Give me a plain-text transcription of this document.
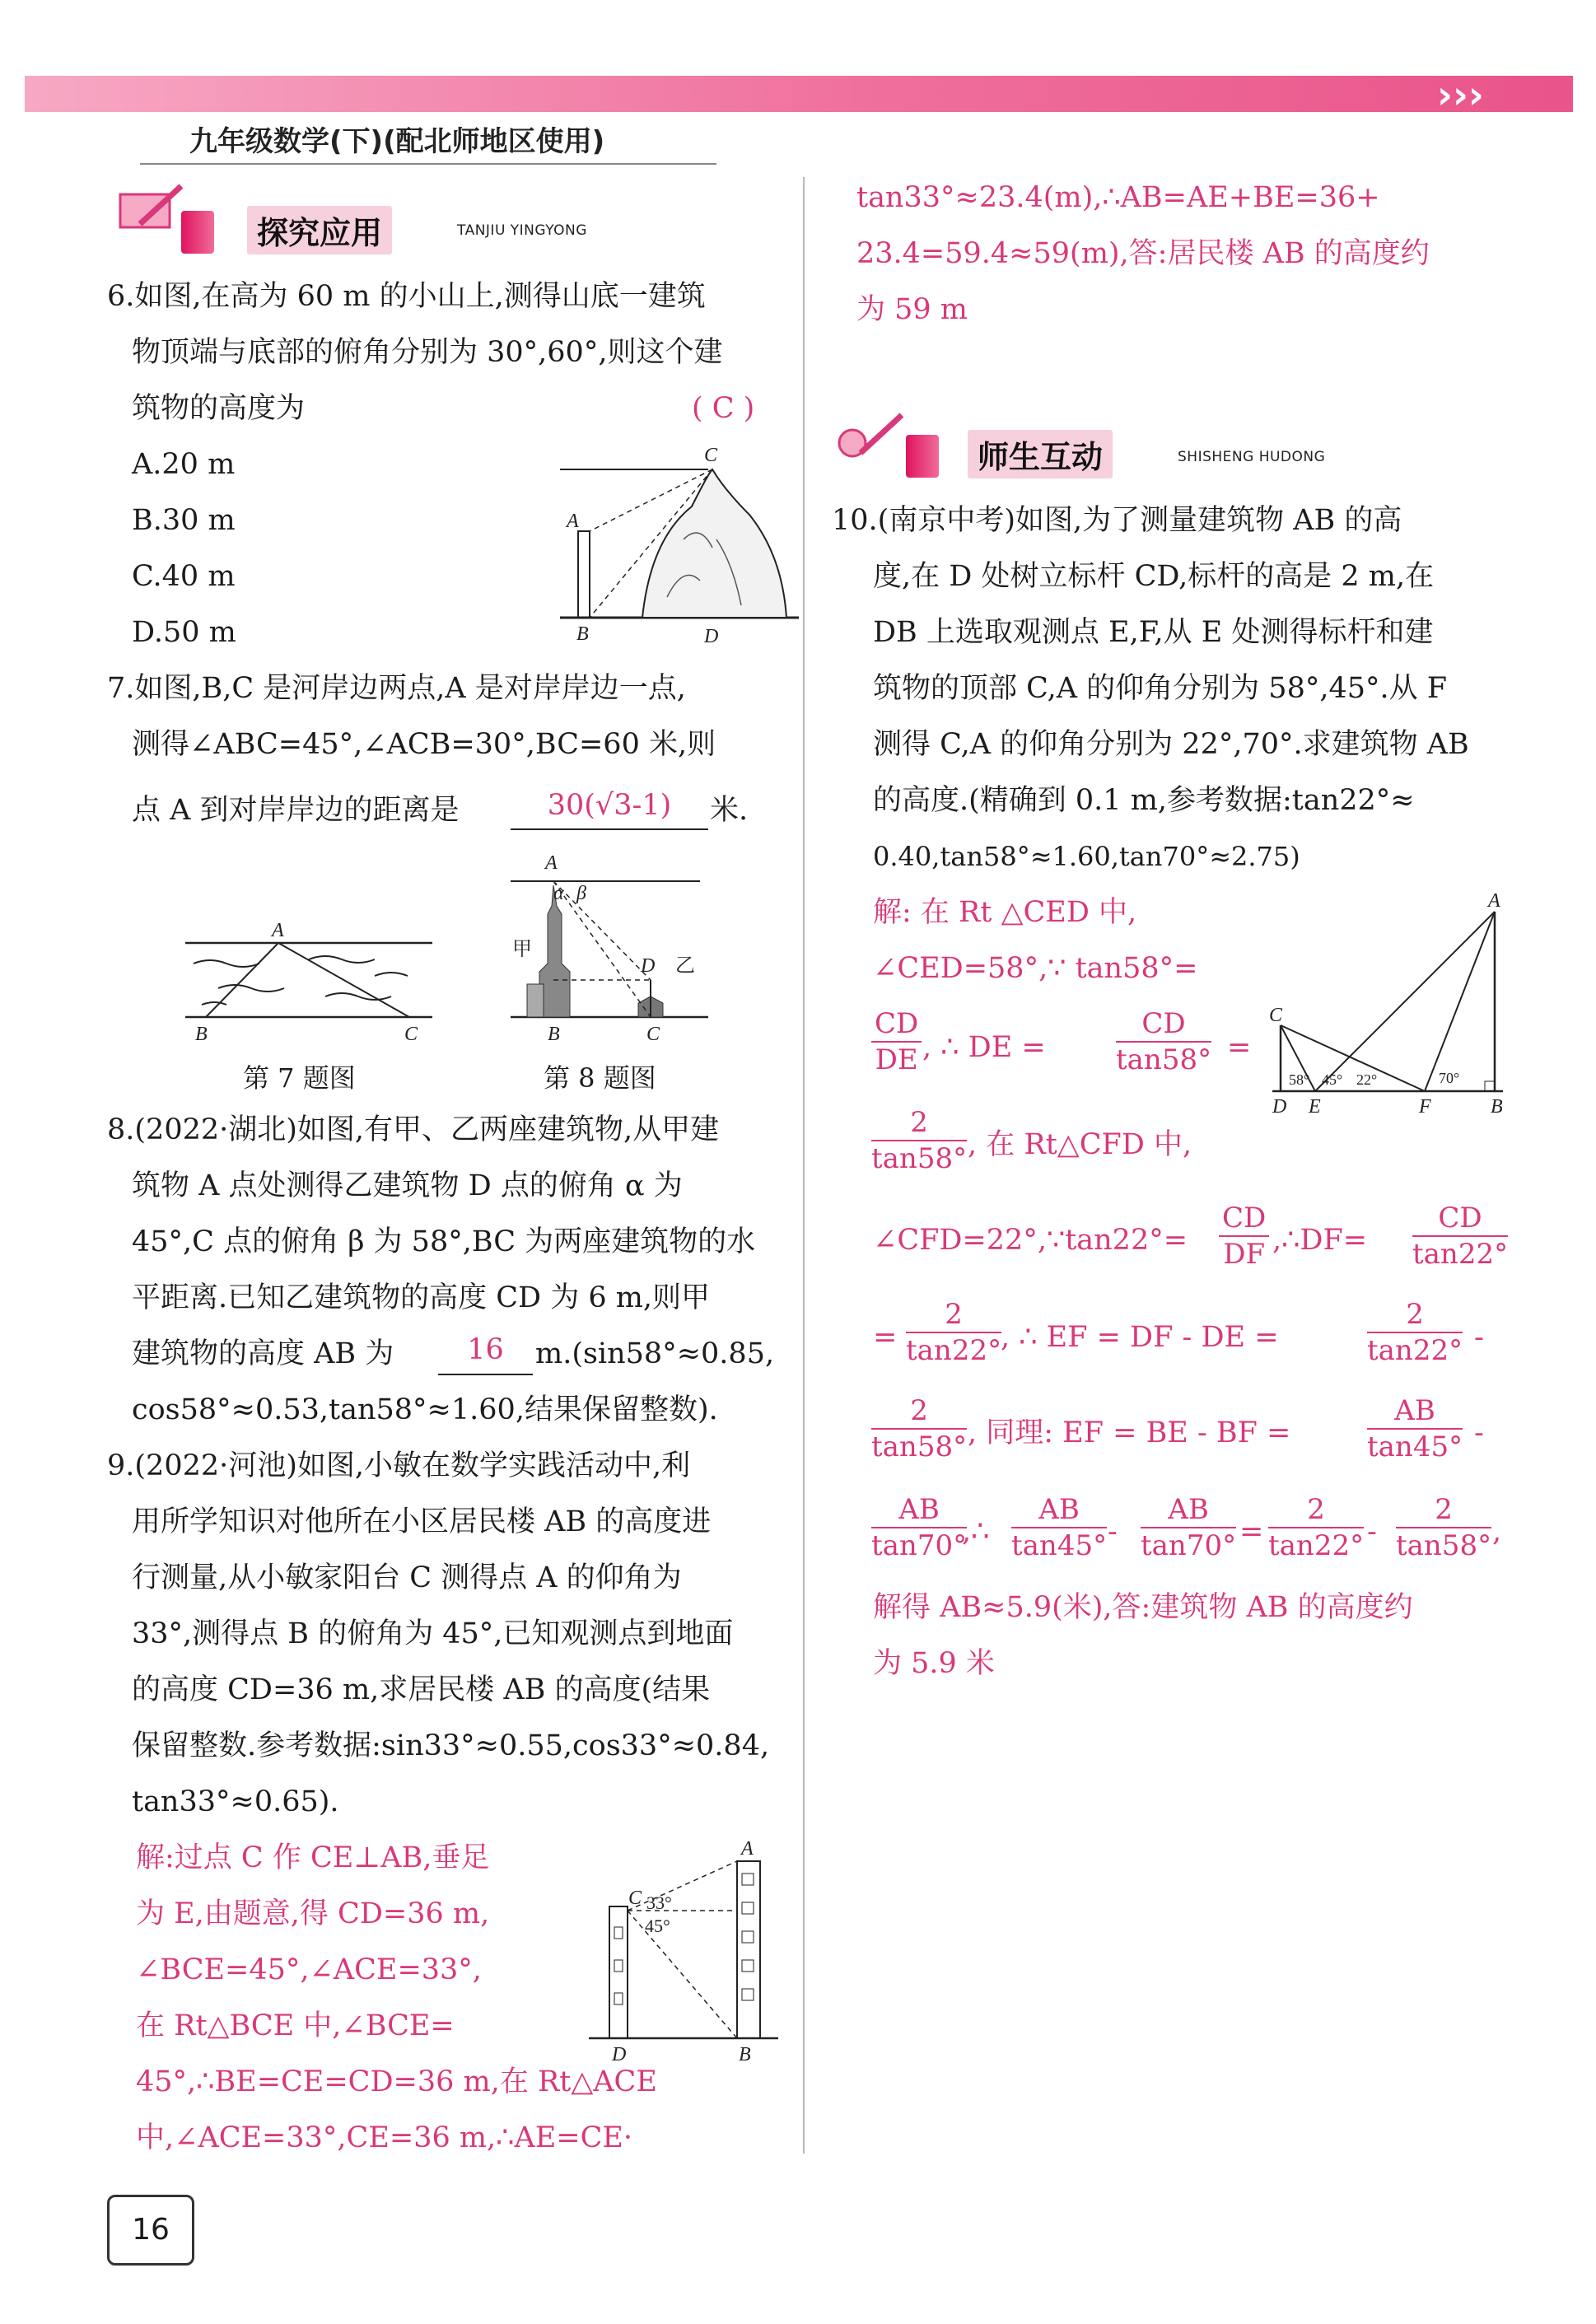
›››
九年级数学(下)(配北师地区使用)
探究应用	TANJIU YINGYONG
6.如图,在高为 60 m 的小山上,测得山底一建筑
物顶端与底部的俯角分别为 30°,60°,则这个建
筑物的高度为	( C )
A.20 m
B.30 m
C.40 m
D.50 m
C
A
B	D
7.如图,B,C 是河岸边两点,A 是对岸岸边一点,
测得∠ABC=45°,∠ACB=30°,BC=60 米,则
点 A 到对岸岸边的距离是	30(√3-1)	米.
A
B	C
第 7 题图
A
α β
甲
D 乙
B	C
第 8 题图
8.(2022·湖北)如图,有甲、乙两座建筑物,从甲建
筑物 A 点处测得乙建筑物 D 点的俯角 α 为
45°,C 点的俯角 β 为 58°,BC 为两座建筑物的水
平距离.已知乙建筑物的高度 CD 为 6 m,则甲
建筑物的高度 AB 为	16	m.(sin58°≈0.85,
cos58°≈0.53,tan58°≈1.60,结果保留整数).
9.(2022·河池)如图,小敏在数学实践活动中,利
用所学知识对他所在小区居民楼 AB 的高度进
行测量,从小敏家阳台 C 测得点 A 的仰角为
33°,测得点 B 的俯角为 45°,已知观测点到地面
的高度 CD=36 m,求居民楼 AB 的高度(结果
保留整数.参考数据:sin33°≈0.55,cos33°≈0.84,
tan33°≈0.65).
解:过点 C 作 CE⊥AB,垂足
为 E,由题意,得 CD=36 m,
∠BCE=45°,∠ACE=33°,
在 Rt△BCE 中,∠BCE=
45°,∴BE=CE=CD=36 m,在 Rt△ACE
中,∠ACE=33°,CE=36 m,∴AE=CE·
A
C 33°
45°
D	B
16
tan33°≈23.4(m),∴AB=AE+BE=36+
23.4=59.4≈59(m),答:居民楼 AB 的高度约
为 59 m
师生互动	SHISHENG HUDONG
10.(南京中考)如图,为了测量建筑物 AB 的高
度,在 D 处树立标杆 CD,标杆的高是 2 m,在
DB 上选取观测点 E,F,从 E 处测得标杆和建
筑物的顶部 C,A 的仰角分别为 58°,45°.从 F
测得 C,A 的仰角分别为 22°,70°.求建筑物 AB
的高度.(精确到 0.1 m,参考数据:tan22°≈
0.40,tan58°≈1.60,tan70°≈2.75)
解: 在 Rt △CED 中,
∠CED=58°,∵ tan58°=
$\frac{CD}{DE}$ , ∴ DE =	$\frac{CD}{\tan 58^\circ}$ =
$\frac{2}{\tan 58^\circ}$ , 在 Rt△CFD 中,
∠CFD=22°,∵tan22°= $\frac{CD}{DF}$ ,∴DF= $\frac{CD}{\tan 22^\circ}$
= $\frac{2}{\tan 22^\circ}$
, ∴ EF = DF - DE =	$\frac{2}{\tan 22^\circ}$ -
$\frac{2}{\tan 58^\circ}$ , 同理: EF = BE - BF =	$\frac{AB}{\tan 45^\circ}$ -
$\frac{AB}{\tan 70^\circ}$
,∴ $\frac{AB}{\tan 45^\circ} - \frac{AB}{\tan 70^\circ} = \frac{2}{\tan 22^\circ} - \frac{2}{\tan 58^\circ}$ ,
解得 AB≈5.9(米),答:建筑物 AB 的高度约
为 5.9 米
A
C
D E	F	B
58° 45° 22°	70°
